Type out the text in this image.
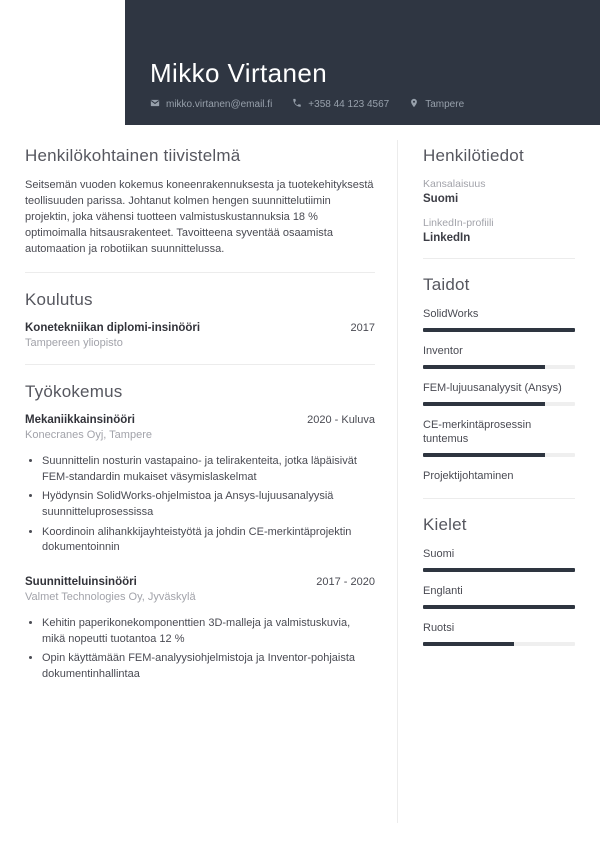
Mikko Virtanen
mikko.virtanen@email.fi	+358 44 123 4567	Tampere
Henkilökohtainen tiivistelmä

Seitsemän vuoden kokemus koneenrakennuksesta ja tuotekehityksestä teollisuuden parissa. Johtanut kolmen hengen suunnittelutiimin projektin, joka vähensi tuotteen valmistuskustannuksia 18 % optimoimalla hitsausrakenteet. Tavoitteena syventää osaamista automaation ja robotiikan suunnittelussa.

Koulutus
Konetekniikan diplomi-insinööri	2017
Tampereen yliopisto
Työkokemus
Mekaniikkainsinööri	2020 - Kuluva
Konecranes Oyj, Tampere
• Suunnittelin nosturin vastapaino- ja telirakenteita, jotka läpäisivät FEM-standardin mukaiset väsymislaskelmat
• Hyödynsin SolidWorks-ohjelmistoa ja Ansys-lujuusanalyysiä suunnitteluprosessissa
• Koordinoin alihankkijayhteistyötä ja johdin CE-merkintäprojektin dokumentoinnin
Suunnitteluinsinööri	2017 - 2020
Valmet Technologies Oy, Jyväskylä
• Kehitin paperikonekomponenttien 3D-malleja ja valmistuskuvia, mikä nopeutti tuotantoa 12 %
• Opin käyttämään FEM-analyysiohjelmistoja ja Inventor-pohjaista dokumentinhallintaa
Henkilötiedot
Kansalaisuus
Suomi
LinkedIn-profiili
LinkedIn
Taidot
SolidWorks
Inventor
FEM-lujuusanalyysit (Ansys)
CE-merkintäprosessin tuntemus
Projektijohtaminen
Kielet
Suomi
Englanti
Ruotsi
